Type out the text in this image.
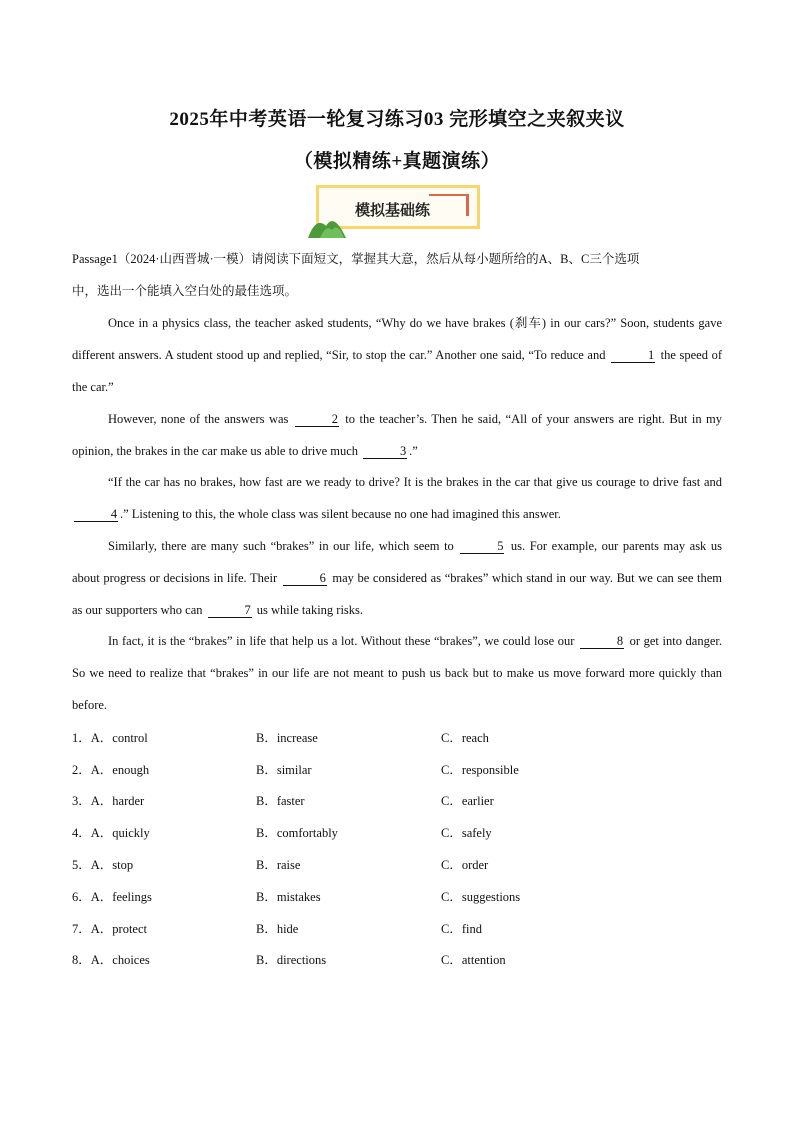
2025年中考英语一轮复习练习03 完形填空之夹叙夹议
（模拟精练+真题演练）
模拟基础练
Passage1（2024·山西晋城·一模）请阅读下面短文，掌握其大意，然后从每小题所给的A、B、C三个选项
中，选出一个能填入空白处的最佳选项。
Once in a physics class, the teacher asked students, “Why do we have brakes (刹车) in our cars?” Soon, students gave different answers. A student stood up and replied, “Sir, to stop the car.” Another one said, “To reduce and	1 the speed of the car.”
However, none of the answers was	2 to the teacher’s. Then he said, “All of your answers are right. But in my opinion, the brakes in the car make us able to drive much	3 .”
“If the car has no brakes, how fast are we ready to drive? It is the brakes in the car that give us courage to drive fast and 4 .” Listening to this, the whole class was silent because no one had imagined this answer.
Similarly, there are many such “brakes” in our life, which seem to	5 us. For example, our parents may ask us about progress or decisions in life. Their	6 may be considered as “brakes” which stand in our way. But we can see them as our supporters who can	7 us while taking risks.
In fact, it is the “brakes” in life that help us a lot. Without these “brakes”, we could lose our	8 or get into danger. So we need to realize that “brakes” in our life are not meant to push us back but to make us move forward more quickly than before.
1．A．control	B．increase	C．reach
2．A．enough	B．similar	C．responsible
3．A．harder	B．faster	C．earlier
4．A．quickly	B．comfortably	C．safely
5．A．stop	B．raise	C．order
6．A．feelings	B．mistakes	C．suggestions
7．A．protect	B．hide	C．find
8．A．choices	B．directions	C．attention
